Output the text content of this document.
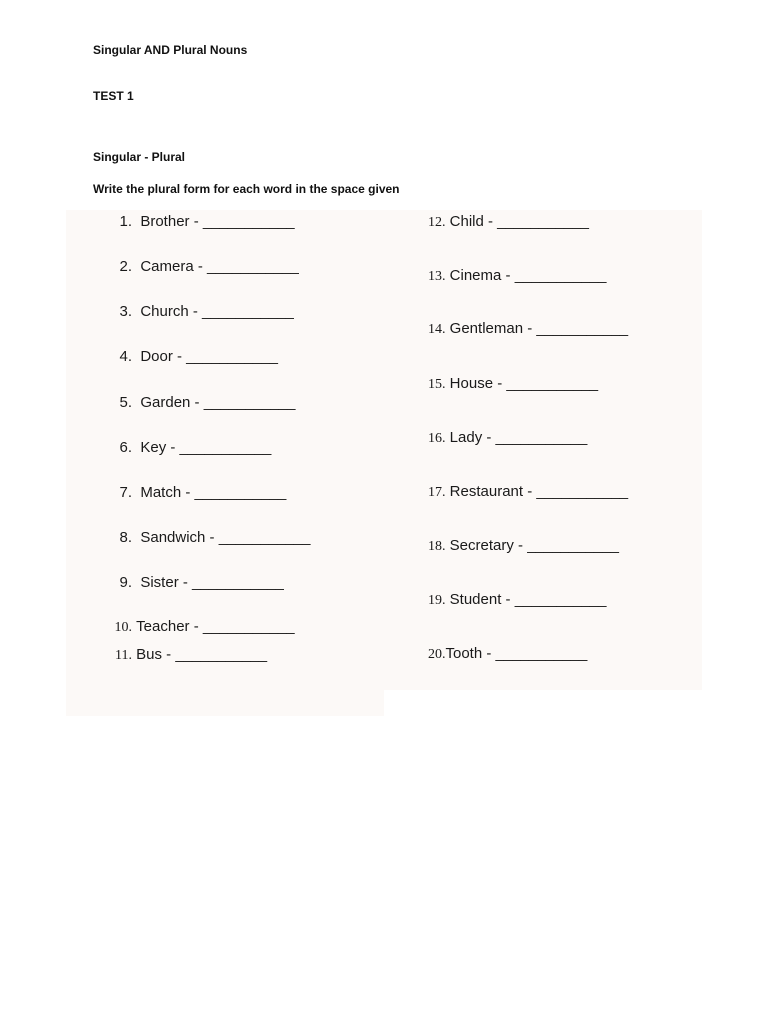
Singular AND Plural Nouns
TEST 1
Singular - Plural
Write the plural form for each word in the space given
1. Brother - ___________
2. Camera - ___________
3. Church - ___________
4. Door - ___________
5. Garden - ___________
6. Key - ___________
7. Match - ___________
8. Sandwich - ___________
9. Sister - ___________
10. Teacher - ___________
11. Bus - ___________
12. Child - ___________
13. Cinema - ___________
14. Gentleman - ___________
15. House - ___________
16. Lady - ___________
17. Restaurant - ___________
18. Secretary - ___________
19. Student - ___________
20.Tooth - ___________
